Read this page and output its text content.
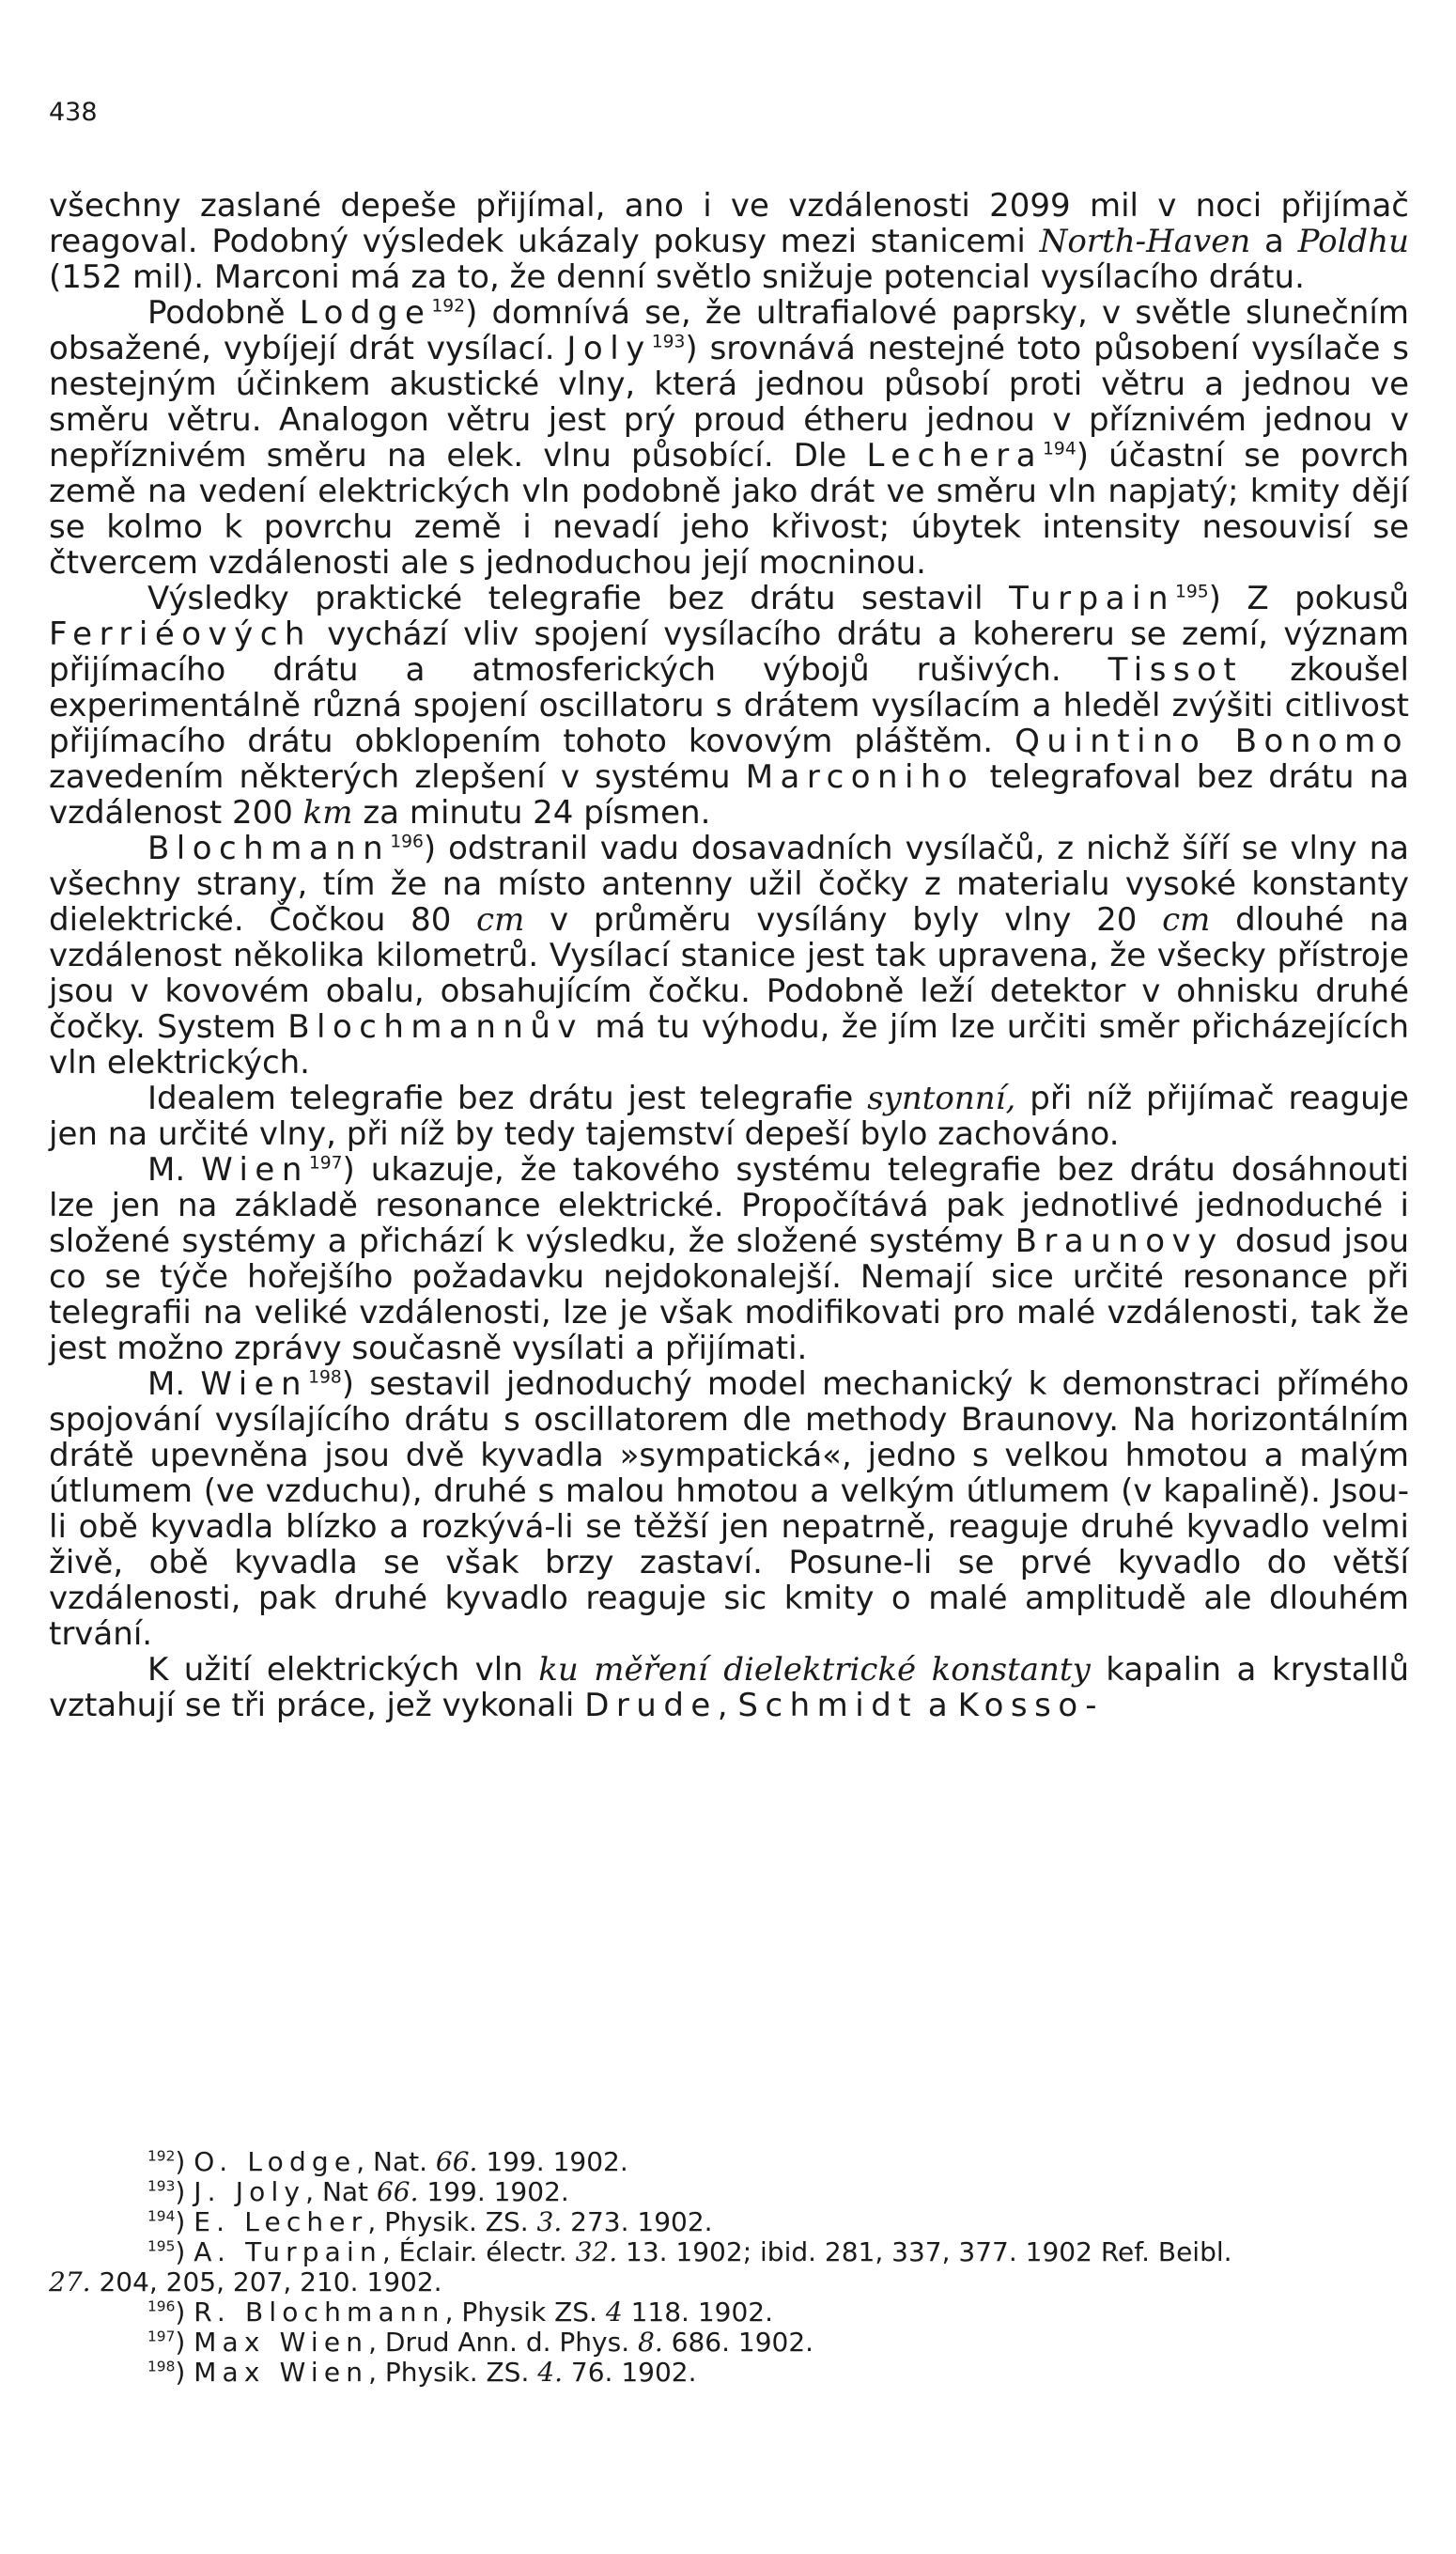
438

všechny zaslané depeše přijímal, ano i ve vzdálenosti 2099 mil v noci přijímač reagoval. Podobný výsledek ukázaly pokusy mezi stanicemi North-Haven a Poldhu (152 mil). Marconi má za to, že denní světlo snižuje potencial vysílacího drátu.

Podobně Lodge$^{192}$) domnívá se, že ultrafialové paprsky, v světle slunečním obsažené, vybíjejí drát vysílací. Joly$^{193}$) srovnává nestejné toto působení vysílače s nestejným účinkem akustické vlny, která jednou působí proti větru a jednou ve směru větru. Analogon větru jest prý proud étheru jednou v příznivém jednou v nepříznivém směru na elek. vlnu působící. Dle Lechera$^{194}$) účastní se povrch země na vedení elektrických vln podobně jako drát ve směru vln napjatý; kmity dějí se kolmo k povrchu země i nevadí jeho křivost; úbytek intensity nesouvisí se čtvercem vzdálenosti ale s jednoduchou její mocninou.

Výsledky praktické telegrafie bez drátu sestavil Turpain$^{195}$) Z pokusů Ferriéových vychází vliv spojení vysílacího drátu a kohereru se zemí, význam přijímacího drátu a atmosferických výbojů rušivých. Tissot zkoušel experimentálně různá spojení oscillatoru s drátem vysílacím a hleděl zvýšiti citlivost přijímacího drátu obklopením tohoto kovovým pláštěm. Quintino Bonomo zavedením některých zlepšení v systému Marconiho telegrafoval bez drátu na vzdálenost 200 km za minutu 24 písmen.

Blochmann$^{196}$) odstranil vadu dosavadních vysílačů, z nichž šíří se vlny na všechny strany, tím že na místo antenny užil čočky z materialu vysoké konstanty dielektrické. Čočkou 80 cm v průměru vysílány byly vlny 20 cm dlouhé na vzdálenost několika kilometrů. Vysílací stanice jest tak upravena, že všecky přístroje jsou v kovovém obalu, obsahujícím čočku. Podobně leží detektor v ohnisku druhé čočky. System Blochmannův má tu výhodu, že jím lze určiti směr přicházejících vln elektrických.

Idealem telegrafie bez drátu jest telegrafie syntonní, při níž přijímač reaguje jen na určité vlny, při níž by tedy tajemství depeší bylo zachováno.

M. Wien$^{197}$) ukazuje, že takového systému telegrafie bez drátu dosáhnouti lze jen na základě resonance elektrické. Propočítává pak jednotlivé jednoduché i složené systémy a přichází k výsledku, že složené systémy Braunovy dosud jsou co se týče hořejšího požadavku nejdokonalejší. Nemají sice určité resonance při telegrafii na veliké vzdálenosti, lze je však modifikovati pro malé vzdálenosti, tak že jest možno zprávy současně vysílati a přijímati.

M. Wien$^{198}$) sestavil jednoduchý model mechanický k demonstraci přímého spojování vysílajícího drátu s oscillatorem dle methody Braunovy. Na horizontálním drátě upevněna jsou dvě kyvadla »sympatická«, jedno s velkou hmotou a malým útlumem (ve vzduchu), druhé s malou hmotou a velkým útlumem (v kapalině). Jsou-li obě kyvadla blízko a rozkývá-li se těžší jen nepatrně, reaguje druhé kyvadlo velmi živě, obě kyvadla se však brzy zastaví. Posune-li se prvé kyvadlo do větší vzdálenosti, pak druhé kyvadlo reaguje sic kmity o malé amplitudě ale dlouhém trvání.

K užití elektrických vln ku měření dielektrické konstanty kapalin a krystallů vztahují se tři práce, jež vykonali Drude, Schmidt a Kosso-

$^{192}$) O. Lodge, Nat. 66. 199. 1902.

$^{193}$) J. Joly, Nat 66. 199. 1902.

$^{194}$) E. Lecher, Physik. ZS. 3. 273. 1902.

$^{195}$) A. Turpain, Éclair. électr. 32. 13. 1902; ibid. 281, 337, 377. 1902 Ref. Beibl.

27. 204, 205, 207, 210. 1902.

$^{196}$) R. Blochmann, Physik ZS. 4 118. 1902.

$^{197}$) Max Wien, Drud Ann. d. Phys. 8. 686. 1902.

$^{198}$) Max Wien, Physik. ZS. 4. 76. 1902.
